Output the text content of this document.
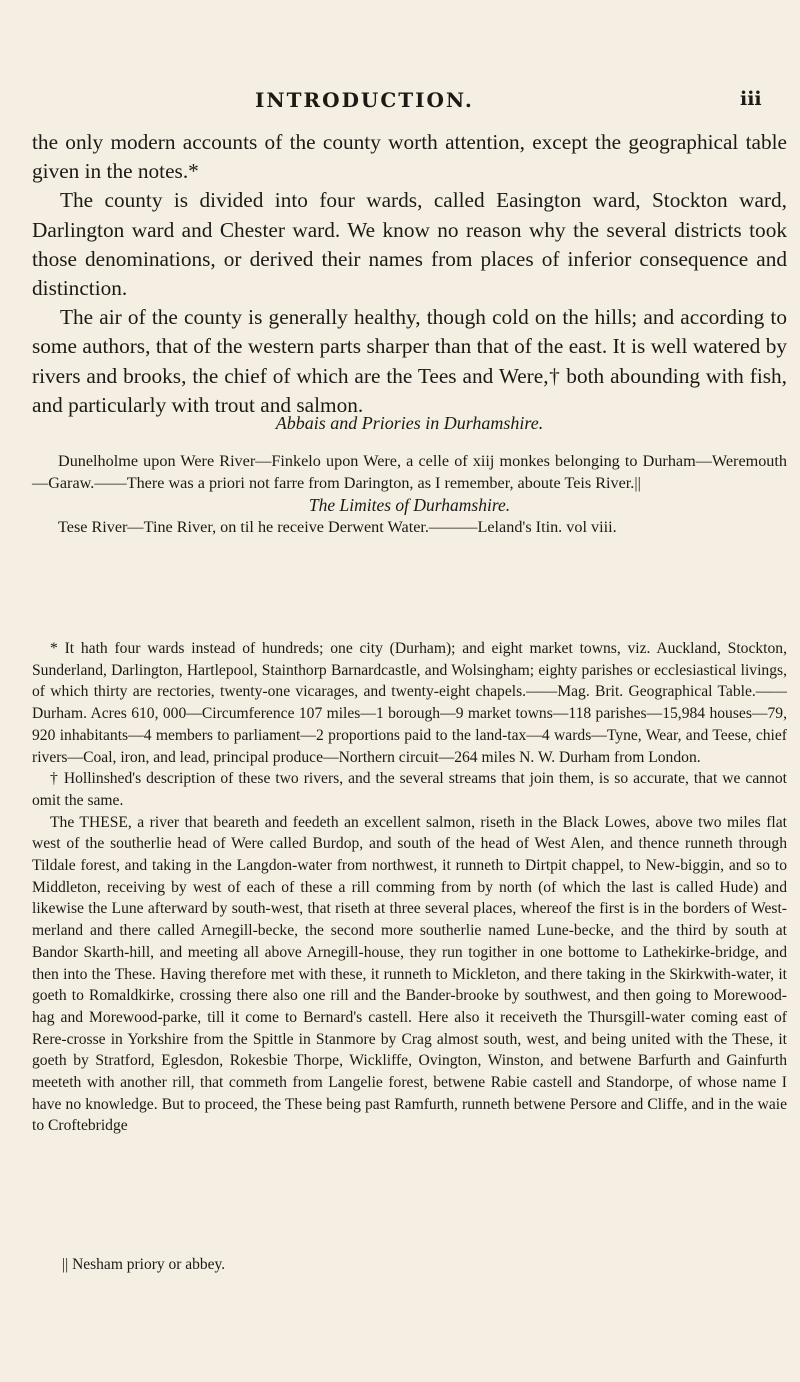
INTRODUCTION.	iii

the only modern accounts of the county worth attention, except the geographical table given in the notes.*

The county is divided into four wards, called Easington ward, Stockton ward, Darlington ward and Chester ward. We know no reason why the several districts took those denominations, or derived their names from places of inferior consequence and distinction.

The air of the county is generally healthy, though cold on the hills; and according to some authors, that of the western parts sharper than that of the east. It is well watered by rivers and brooks, the chief of which are the Tees and Were,† both abounding with fish, and particularly with trout and salmon.

Abbais and Priories in Durhamshire.

Dunelholme upon Were River—Finkelo upon Were, a celle of xiij monkes belonging to Durham—Weremouth—Garaw.——There was a priori not farre from Darington, as I remember, aboute Teis River.||

The Limites of Durhamshire.

Tese River—Tine River, on til he receive Derwent Water.———Leland's Itin. vol viii.

* It hath four wards instead of hundreds; one city (Durham); and eight market towns, viz. Auckland, Stockton, Sunderland, Darlington, Hartlepool, Stainthorp Barnardcastle, and Wolsingham; eighty parishes or ecclesiastical livings, of which thirty are rectories, twenty-one vicarages, and twenty-eight chapels.——Mag. Brit. Geographical Table.——Durham. Acres 610, 000—Circumference 107 miles—1 borough—9 market towns—118 parishes—15,984 houses—79, 920 inhabitants—4 members to parliament—2 proportions paid to the land-tax—4 wards—Tyne, Wear, and Teese, chief rivers—Coal, iron, and lead, principal produce—Northern circuit—264 miles N. W. Durham from London.

† Hollinshed's description of these two rivers, and the several streams that join them, is so accurate, that we cannot omit the same.

The THESE, a river that beareth and feedeth an excellent salmon, riseth in the Black Lowes, above two miles flat west of the southerlie head of Were called Burdop, and south of the head of West Alen, and thence runneth through Tildale forest, and taking in the Langdon-water from northwest, it runneth to Dirtpit chappel, to New-biggin, and so to Middleton, receiving by west of each of these a rill comming from by north (of which the last is called Hude) and likewise the Lune afterward by south-west, that riseth at three several places, whereof the first is in the borders of West-merland and there called Arnegill-becke, the second more southerlie named Lune-becke, and the third by south at Bandor Skarth-hill, and meeting all above Arnegill-house, they run togither in one bottome to Lathekirke-bridge, and then into the These. Having therefore met with these, it runneth to Mickleton, and there taking in the Skirkwith-water, it goeth to Romaldkirke, crossing there also one rill and the Bander-brooke by southwest, and then going to Morewood-hag and Morewood-parke, till it come to Bernard's castell. Here also it receiveth the Thursgill-water coming east of Rere-crosse in Yorkshire from the Spittle in Stanmore by Crag almost south, west, and being united with the These, it goeth by Stratford, Eglesdon, Rokesbie Thorpe, Wickliffe, Ovington, Winston, and betwene Barfurth and Gainfurth meeteth with another rill, that commeth from Langelie forest, betwene Rabie castell and Standorpe, of whose name I have no knowledge. But to proceed, the These being past Ramfurth, runneth betwene Persore and Cliffe, and in the waie to Croftebridge

|| Nesham priory or abbey.
